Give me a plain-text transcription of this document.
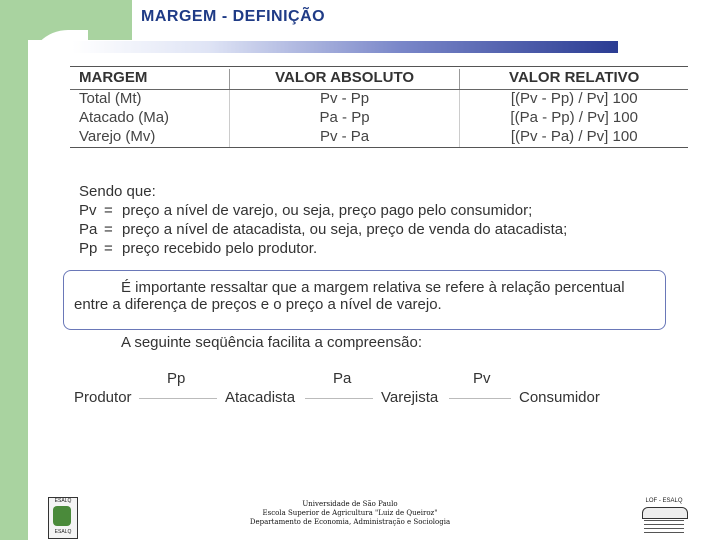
MARGEM - DEFINIÇÃO
MARGEM	VALOR ABSOLUTO	VALOR RELATIVO
Total (Mt)	Pv - Pp	[(Pv - Pp) / Pv] 100
Atacado (Ma)	Pa - Pp	[(Pa - Pp) / Pv] 100
Varejo (Mv)	Pv - Pa	[(Pv - Pa) / Pv] 100
Sendo que:
Pv = preço a nível de varejo, ou seja, preço pago pelo consumidor;
Pa = preço a nível de atacadista, ou seja, preço de venda do atacadista;
Pp = preço recebido pelo produtor.
É importante ressaltar que a margem relativa se refere à relação percentual
entre a diferença de preços e o preço a nível de varejo.
A seguinte seqüência facilita a compreensão:
Pp	Pa	Pv
Produtor	Atacadista	Varejista	Consumidor
ESALQ
ESALQ
Universidade de São Paulo
Escola Superior de Agricultura "Luiz de Queiroz"
Departamento de Economia, Administração e Sociologia
LOF - ESALQ
